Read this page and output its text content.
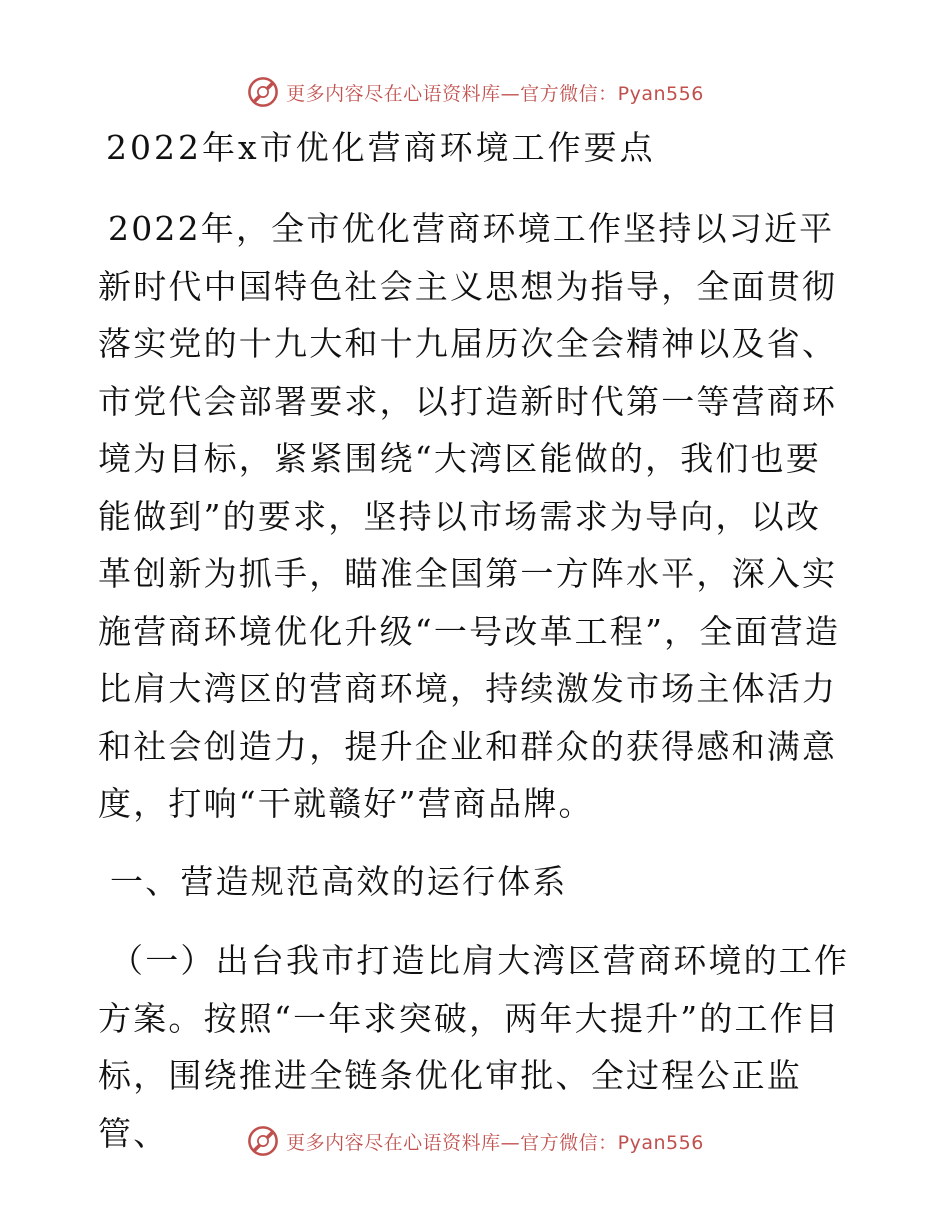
更多内容尽在心语资料库—官方微信：Pyan556
2022年x市优化营商环境工作要点

2022年，全市优化营商环境工作坚持以习近平新时代中国特色社会主义思想为指导，全面贯彻落实党的十九大和十九届历次全会精神以及省、市党代会部署要求，以打造新时代第一等营商环境为目标，紧紧围绕“大湾区能做的，我们也要能做到”的要求，坚持以市场需求为导向，以改革创新为抓手，瞄准全国第一方阵水平，深入实施营商环境优化升级“一号改革工程”，全面营造比肩大湾区的营商环境，持续激发市场主体活力和社会创造力，提升企业和群众的获得感和满意度，打响“干就赣好”营商品牌。

一、营造规范高效的运行体系

（一）出台我市打造比肩大湾区营商环境的工作方案。按照“一年求突破，两年大提升”的工作目标，围绕推进全链条优化审批、全过程公正监管、	更多内容尽在心语资料库—官方微信：Pyan556
